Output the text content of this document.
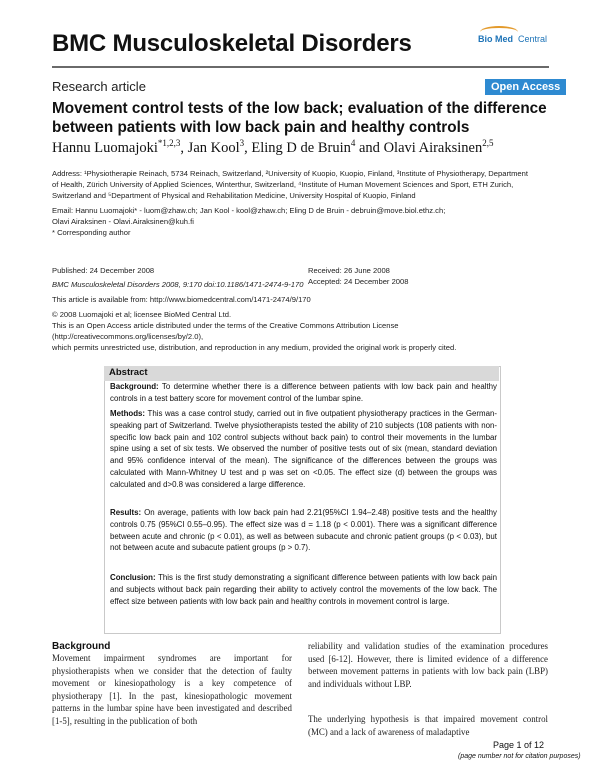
BMC Musculoskeletal Disorders	Bio Med Central
Research article	Open Access
Movement control tests of the low back; evaluation of the difference
between patients with low back pain and healthy controls
Hannu Luomajoki$^{*1,2,3}$, Jan Kool$^3$, Eling D de Bruin$^4$ and Olavi Airaksinen$^{2,5}$
Address: ¹Physiotherapie Reinach, 5734 Reinach, Switzerland, ²University of Kuopio, Kuopio, Finland, ³Institute of Physiotherapy, Department
of Health, Zürich University of Applied Sciences, Winterthur, Switzerland, ⁴Institute of Human Movement Sciences and Sport, ETH Zurich,
Switzerland and ⁵Department of Physical and Rehabilitation Medicine, University Hospital of Kuopio, Finland
Email: Hannu Luomajoki* - luom@zhaw.ch; Jan Kool - kool@zhaw.ch; Eling D de Bruin - debruin@move.biol.ethz.ch;
Olavi Airaksinen - Olavi.Airaksinen@kuh.fi
* Corresponding author
Published: 24 December 2008	Received: 26 June 2008
Accepted: 24 December 2008
BMC Musculoskeletal Disorders 2008, 9:170 doi:10.1186/1471-2474-9-170
This article is available from: http://www.biomedcentral.com/1471-2474/9/170
© 2008 Luomajoki et al; licensee BioMed Central Ltd.
This is an Open Access article distributed under the terms of the Creative Commons Attribution License (http://creativecommons.org/licenses/by/2.0),
which permits unrestricted use, distribution, and reproduction in any medium, provided the original work is properly cited.
Abstract
Background: To determine whether there is a difference between patients with low back pain and healthy controls in a test battery score for movement control of the lumbar spine.
Methods: This was a case control study, carried out in five outpatient physiotherapy practices in the German-speaking part of Switzerland. Twelve physiotherapists tested the ability of 210 subjects (108 patients with non-specific low back pain and 102 control subjects without back pain) to control their movements in the lumbar spine using a set of six tests. We observed the number of positive tests out of six (mean, standard deviation and 95% confidence interval of the mean). The significance of the differences between the groups was calculated with Mann-Whitney U test and p was set on <0.05. The effect size (d) between the groups was calculated and d>0.8 was considered a large difference.
Results: On average, patients with low back pain had 2.21(95%CI 1.94–2.48) positive tests and the healthy controls 0.75 (95%CI 0.55–0.95). The effect size was d = 1.18 (p < 0.001). There was a significant difference between acute and chronic (p < 0.01), as well as between subacute and chronic patient groups (p < 0.03), but not between acute and subacute patient groups (p > 0.7).
Conclusion: This is the first study demonstrating a significant difference between patients with low back pain and subjects without back pain regarding their ability to actively control the movements of the low back. The effect size between patients with low back pain and healthy controls in movement control is large.
Background
Movement impairment syndromes are important for physiotherapists when we consider that the detection of faulty movement or kinesiopathology is a key competence of physiotherapy [1]. In the past, kinesiopathologic movement patterns in the lumbar spine have been investigated and described [1-5], resulting in the publication of both
reliability and validation studies of the examination procedures used [6-12]. However, there is limited evidence of a difference between movement patterns in patients with low back pain (LBP) and individuals without LBP.
The underlying hypothesis is that impaired movement control (MC) and a lack of awareness of maladaptive
Page 1 of 12
(page number not for citation purposes)
